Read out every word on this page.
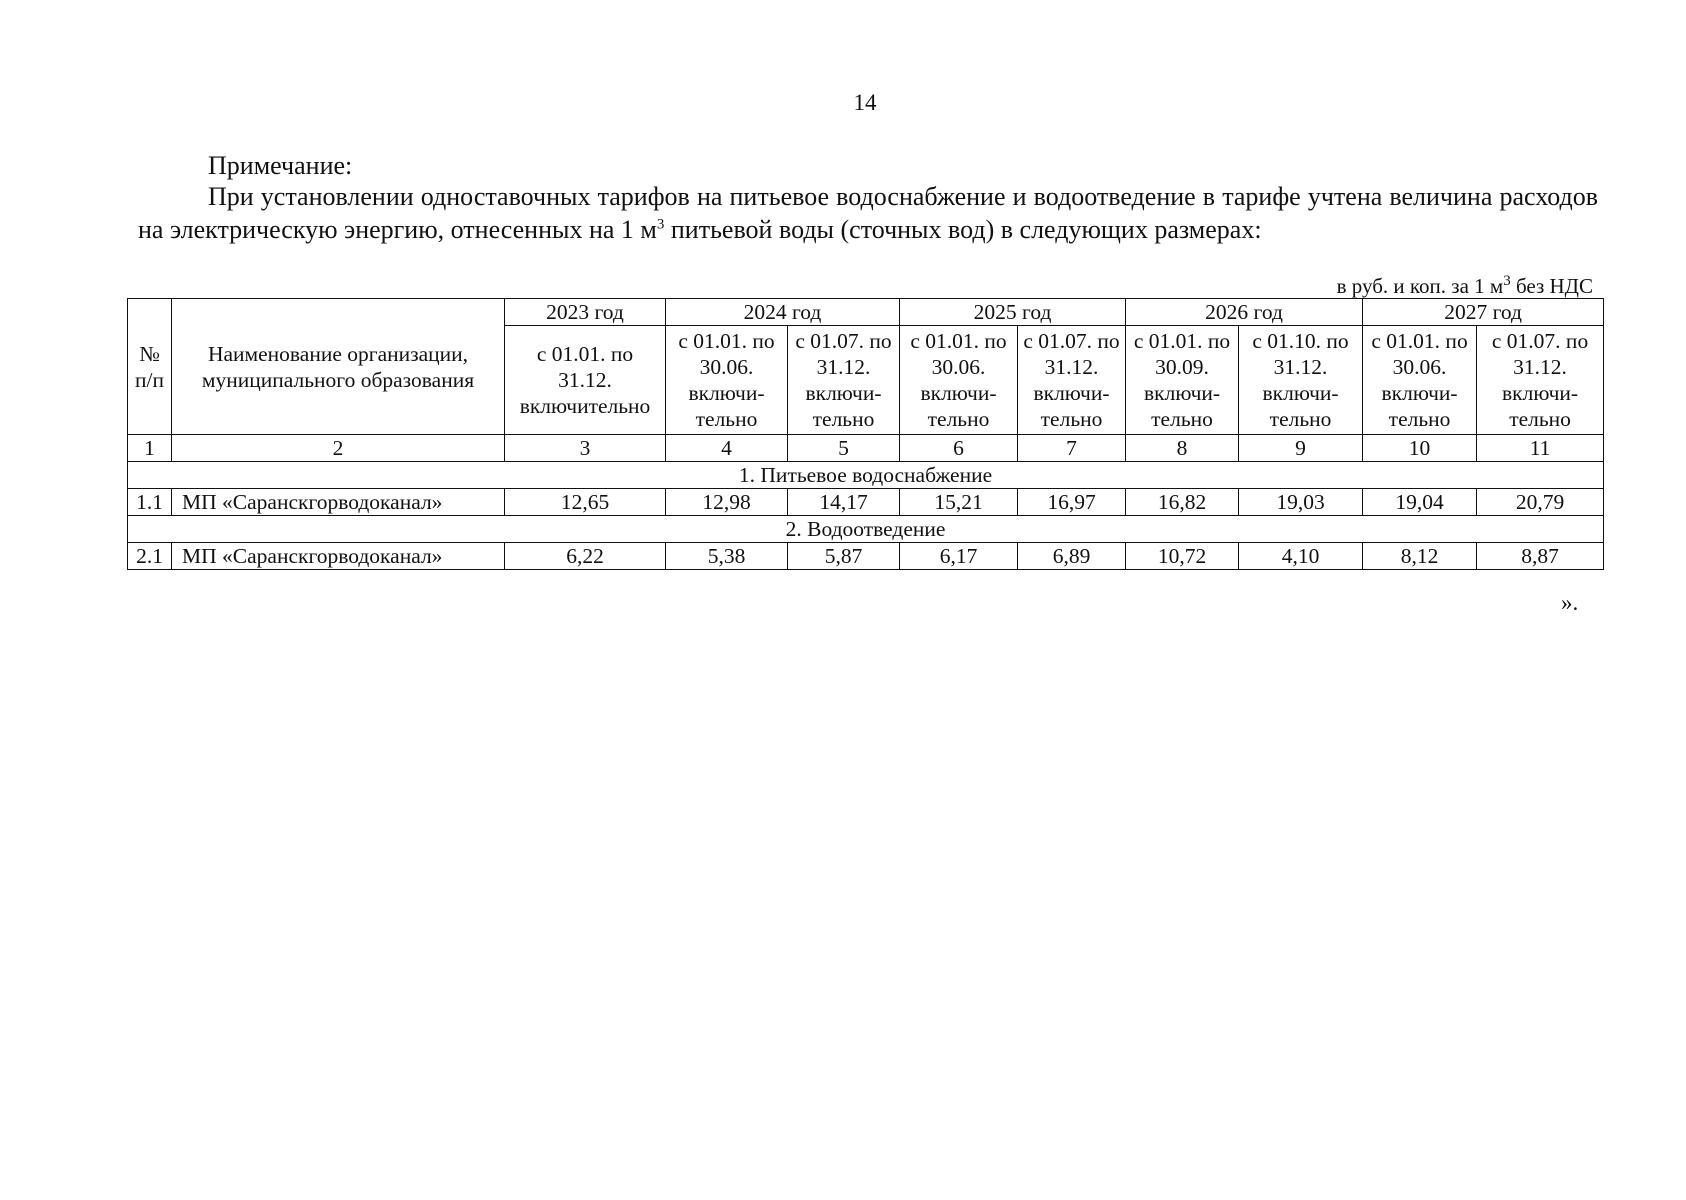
14
Примечание:
При установлении одноставочных тарифов на питьевое водоснабжение и водоотведение в тарифе учтена величина расходов на электрическую энергию, отнесенных на 1 $м^3$ питьевой воды (сточных вод) в следующих размерах:
в руб. и коп. за 1 $м^3$ без НДС
№ п/п	Наименование организации, муниципального образования	2023 год	2024 год		2025 год		2026 год		2027 год	
		с 01.01. по 31.12. включительно	с 01.01. по 30.06. включи-тельно	с 01.07. по 31.12. включи-тельно	с 01.01. по 30.06. включи-тельно	с 01.07. по 31.12. включи-тельно	с 01.01. по 30.09. включи-тельно	с 01.10. по 31.12. включи-тельно	с 01.01. по 30.06. включи-тельно	с 01.07. по 31.12. включи-тельно
1	2	3	4	5	6	7	8	9	10	11
1. Питьевое водоснабжение										
1.1	МП «Саранскгорводоканал»	12,65	12,98	14,17	15,21	16,97	16,82	19,03	19,04	20,79
2. Водоотведение										
2.1	МП «Саранскгорводоканал»	6,22	5,38	5,87	6,17	6,89	10,72	4,10	8,12	8,87
».
